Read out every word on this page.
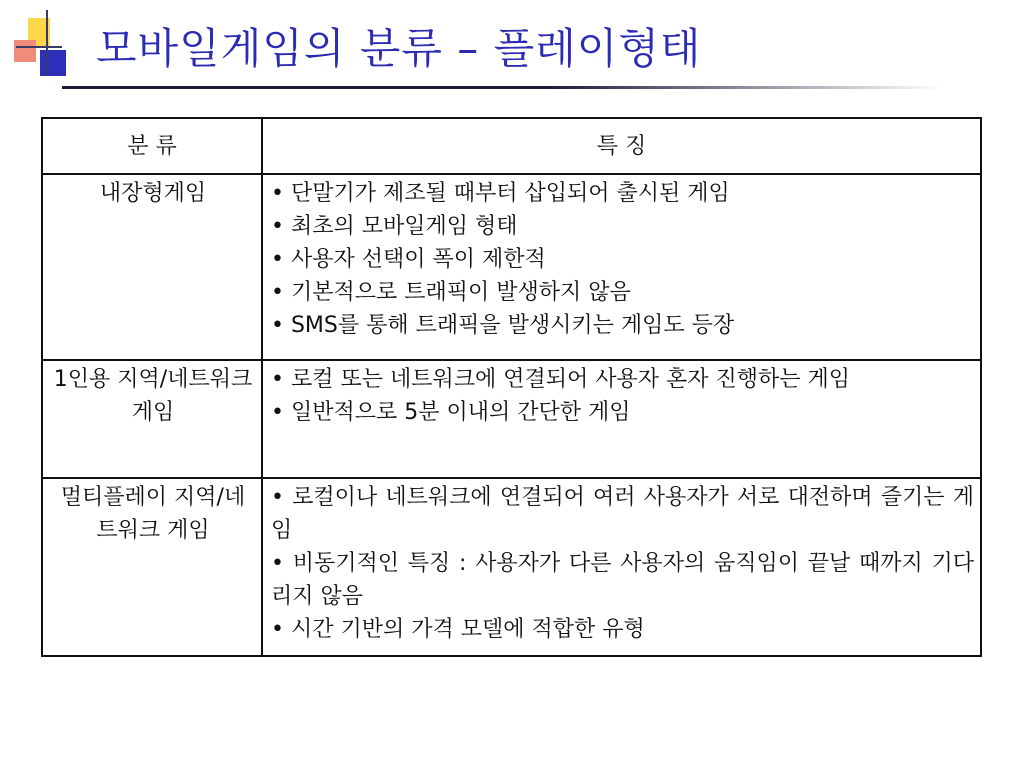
모바일게임의 분류 – 플레이형태
분 류	특 징
내장형게임	• 단말기가 제조될 때부터 삽입되어 출시된 게임
• 최초의 모바일게임 형태
• 사용자 선택이 폭이 제한적
• 기본적으로 트래픽이 발생하지 않음
• SMS를 통해 트래픽을 발생시키는 게임도 등장

1인용 지역/네트워크 게임	• 로컬 또는 네트워크에 연결되어 사용자 혼자 진행하는 게임
• 일반적으로 5분 이내의 간단한 게임

멀티플레이 지역/네트워크 게임	• 로컬이나 네트워크에 연결되어 여러 사용자가 서로 대전하며 즐기는 게임
• 비동기적인 특징 : 사용자가 다른 사용자의 움직임이 끝날 때까지 기다리지 않음
• 시간 기반의 가격 모델에 적합한 유형
